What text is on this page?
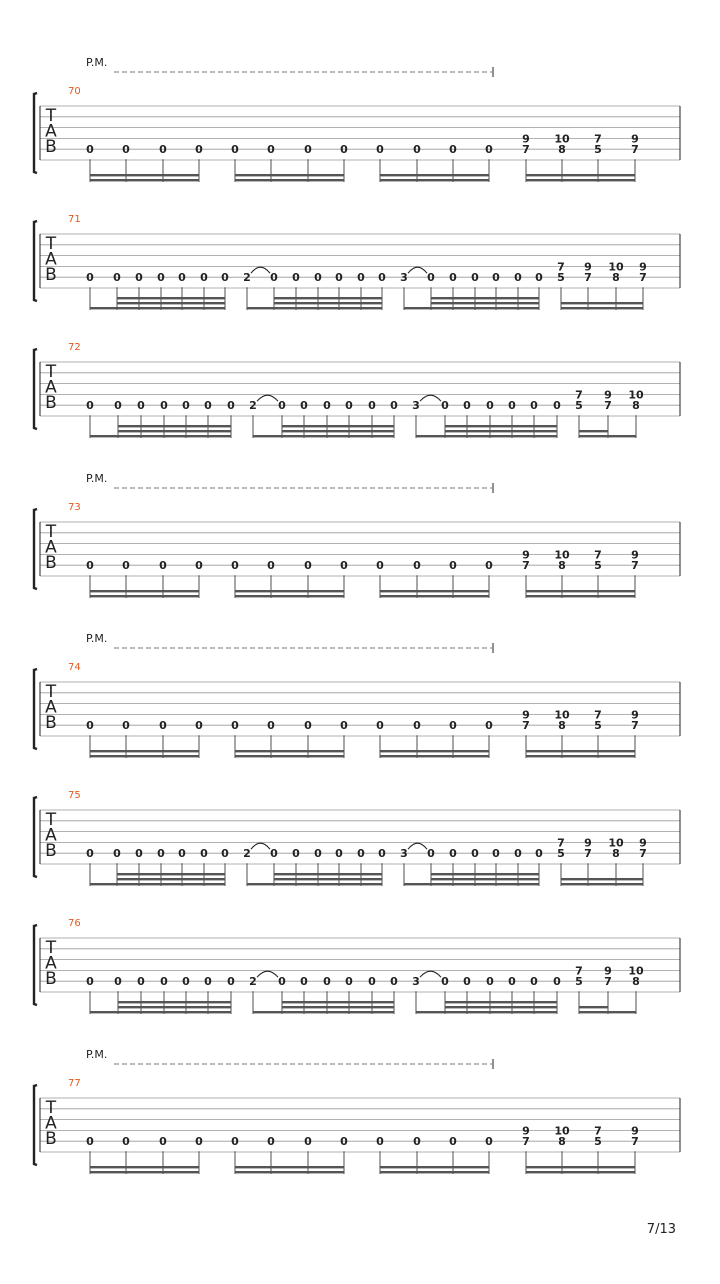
T
A
B
70
P.M.
0	0	0	0	0	0	0	0	0	0	0	0
9
7
10
8
7
5
9
7
T
A
B
71
0 0 0 0 0 0 0 2 0 0 0 0 0 0 3 0 0 0 0 0 0
7
5
9
7
10
8
9
7
T
A
B
72
0 0 0 0 0 0 0 2 0 0 0 0 0 0 3 0 0 0 0 0 0
7
5
9
7
10
8
T
A
B
73
P.M.
0	0	0	0	0	0	0	0	0	0	0	0
9
7
10
8
7
5
9
7
T
A
B
74
P.M.
0	0	0	0	0	0	0	0	0	0	0	0
9
7
10
8
7
5
9
7
T
A
B
75
0 0 0 0 0 0 0 2 0 0 0 0 0 0 3 0 0 0 0 0 0
7
5
9
7
10
8
9
7
T
A
B
76
0 0 0 0 0 0 0 2 0 0 0 0 0 0 3 0 0 0 0 0 0
7
5
9
7
10
8
T
A
B
77
P.M.
0	0	0	0	0	0	0	0	0	0	0	0
9
7
10
8
7
5
9
7
7/13
